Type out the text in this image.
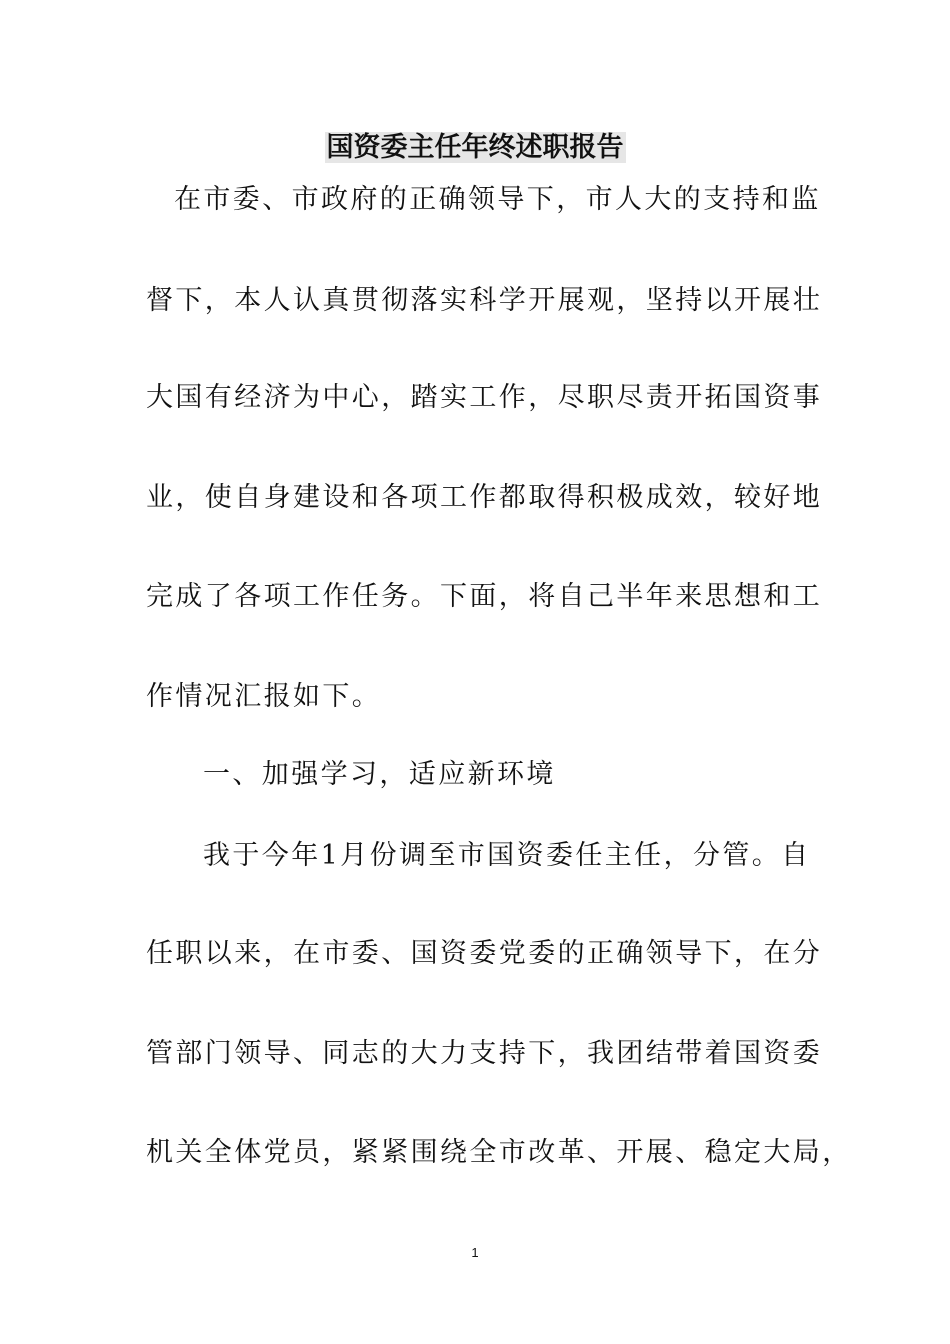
国资委主任年终述职报告
在市委、市政府的正确领导下，市人大的支持和监
督下，本人认真贯彻落实科学开展观，坚持以开展壮
大国有经济为中心，踏实工作，尽职尽责开拓国资事
业，使自身建设和各项工作都取得积极成效，较好地
完成了各项工作任务。下面，将自己半年来思想和工
作情况汇报如下。
一、加强学习，适应新环境
我于今年1月份调至市国资委任主任，分管。自
任职以来，在市委、国资委党委的正确领导下，在分
管部门领导、同志的大力支持下，我团结带着国资委
机关全体党员，紧紧围绕全市改革、开展、稳定大局，
1
